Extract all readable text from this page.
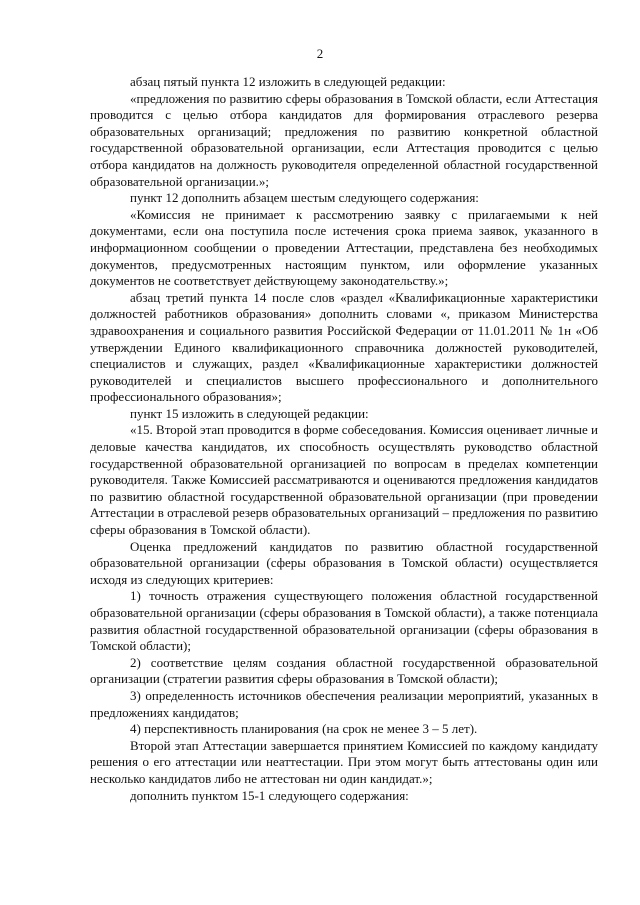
2

абзац пятый пункта 12 изложить в следующей редакции:

«предложения по развитию сферы образования в Томской области, если Аттестация проводится с целью отбора кандидатов для формирования отраслевого резерва образовательных организаций; предложения по развитию конкретной областной государственной образовательной организации, если Аттестация проводится с целью отбора кандидатов на должность руководителя определенной областной государственной образовательной организации.»;

пункт 12 дополнить абзацем шестым следующего содержания:

«Комиссия не принимает к рассмотрению заявку с прилагаемыми к ней документами, если она поступила после истечения срока приема заявок, указанного в информационном сообщении о проведении Аттестации, представлена без необходимых документов, предусмотренных настоящим пунктом, или оформление указанных документов не соответствует действующему законодательству.»;

абзац третий пункта 14 после слов «раздел «Квалификационные характеристики должностей работников образования» дополнить словами «, приказом Министерства здравоохранения и социального развития Российской Федерации от 11.01.2011 № 1н «Об утверждении Единого квалификационного справочника должностей руководителей, специалистов и служащих, раздел «Квалификационные характеристики должностей руководителей и специалистов высшего профессионального и дополнительного профессионального образования»;

пункт 15 изложить в следующей редакции:

«15. Второй этап проводится в форме собеседования. Комиссия оценивает личные и деловые качества кандидатов, их способность осуществлять руководство областной государственной образовательной организацией по вопросам в пределах компетенции руководителя. Также Комиссией рассматриваются и оцениваются предложения кандидатов по развитию областной государственной образовательной организации (при проведении Аттестации в отраслевой резерв образовательных организаций – предложения по развитию сферы образования в Томской области).

Оценка предложений кандидатов по развитию областной государственной образовательной организации (сферы образования в Томской области) осуществляется исходя из следующих критериев:

1) точность отражения существующего положения областной государственной образовательной организации (сферы образования в Томской области), а также потенциала развития областной государственной образовательной организации (сферы образования в Томской области);

2) соответствие целям создания областной государственной образовательной организации (стратегии развития сферы образования в Томской области);

3) определенность источников обеспечения реализации мероприятий, указанных в предложениях кандидатов;

4) перспективность планирования (на срок не менее 3 – 5 лет).

Второй этап Аттестации завершается принятием Комиссией по каждому кандидату решения о его аттестации или неаттестации. При этом могут быть аттестованы один или несколько кандидатов либо не аттестован ни один кандидат.»;

дополнить пунктом 15-1 следующего содержания:
